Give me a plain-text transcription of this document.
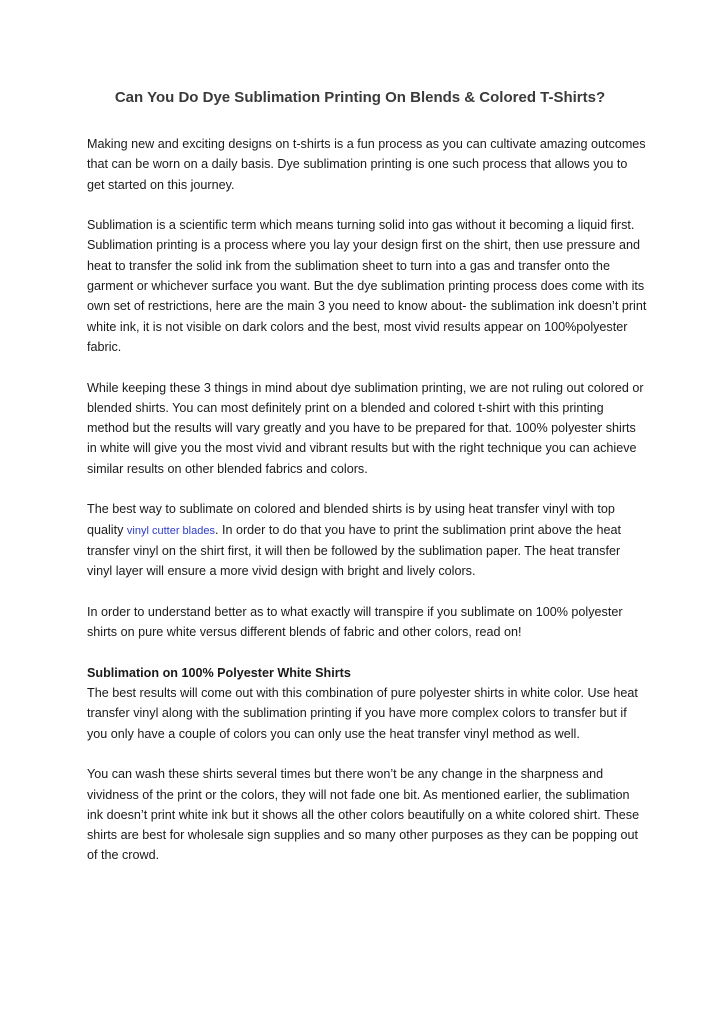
Can You Do Dye Sublimation Printing On Blends & Colored T-Shirts?

Making new and exciting designs on t-shirts is a fun process as you can cultivate amazing outcomes that can be worn on a daily basis. Dye sublimation printing is one such process that allows you to get started on this journey.

Sublimation is a scientific term which means turning solid into gas without it becoming a liquid first. Sublimation printing is a process where you lay your design first on the shirt, then use pressure and heat to transfer the solid ink from the sublimation sheet to turn into a gas and transfer onto the garment or whichever surface you want. But the dye sublimation printing process does come with its own set of restrictions, here are the main 3 you need to know about- the sublimation ink doesn’t print white ink, it is not visible on dark colors and the best, most vivid results appear on 100%polyester fabric.

While keeping these 3 things in mind about dye sublimation printing, we are not ruling out colored or blended shirts. You can most definitely print on a blended and colored t-shirt with this printing method but the results will vary greatly and you have to be prepared for that. 100% polyester shirts in white will give you the most vivid and vibrant results but with the right technique you can achieve similar results on other blended fabrics and colors.

The best way to sublimate on colored and blended shirts is by using heat transfer vinyl with top quality vinyl cutter blades. In order to do that you have to print the sublimation print above the heat transfer vinyl on the shirt first, it will then be followed by the sublimation paper. The heat transfer vinyl layer will ensure a more vivid design with bright and lively colors.

In order to understand better as to what exactly will transpire if you sublimate on 100% polyester shirts on pure white versus different blends of fabric and other colors, read on!

Sublimation on 100% Polyester White Shirts
The best results will come out with this combination of pure polyester shirts in white color. Use heat transfer vinyl along with the sublimation printing if you have more complex colors to transfer but if you only have a couple of colors you can only use the heat transfer vinyl method as well.

You can wash these shirts several times but there won’t be any change in the sharpness and vividness of the print or the colors, they will not fade one bit. As mentioned earlier, the sublimation ink doesn’t print white ink but it shows all the other colors beautifully on a white colored shirt. These shirts are best for wholesale sign supplies and so many other purposes as they can be popping out of the crowd.
